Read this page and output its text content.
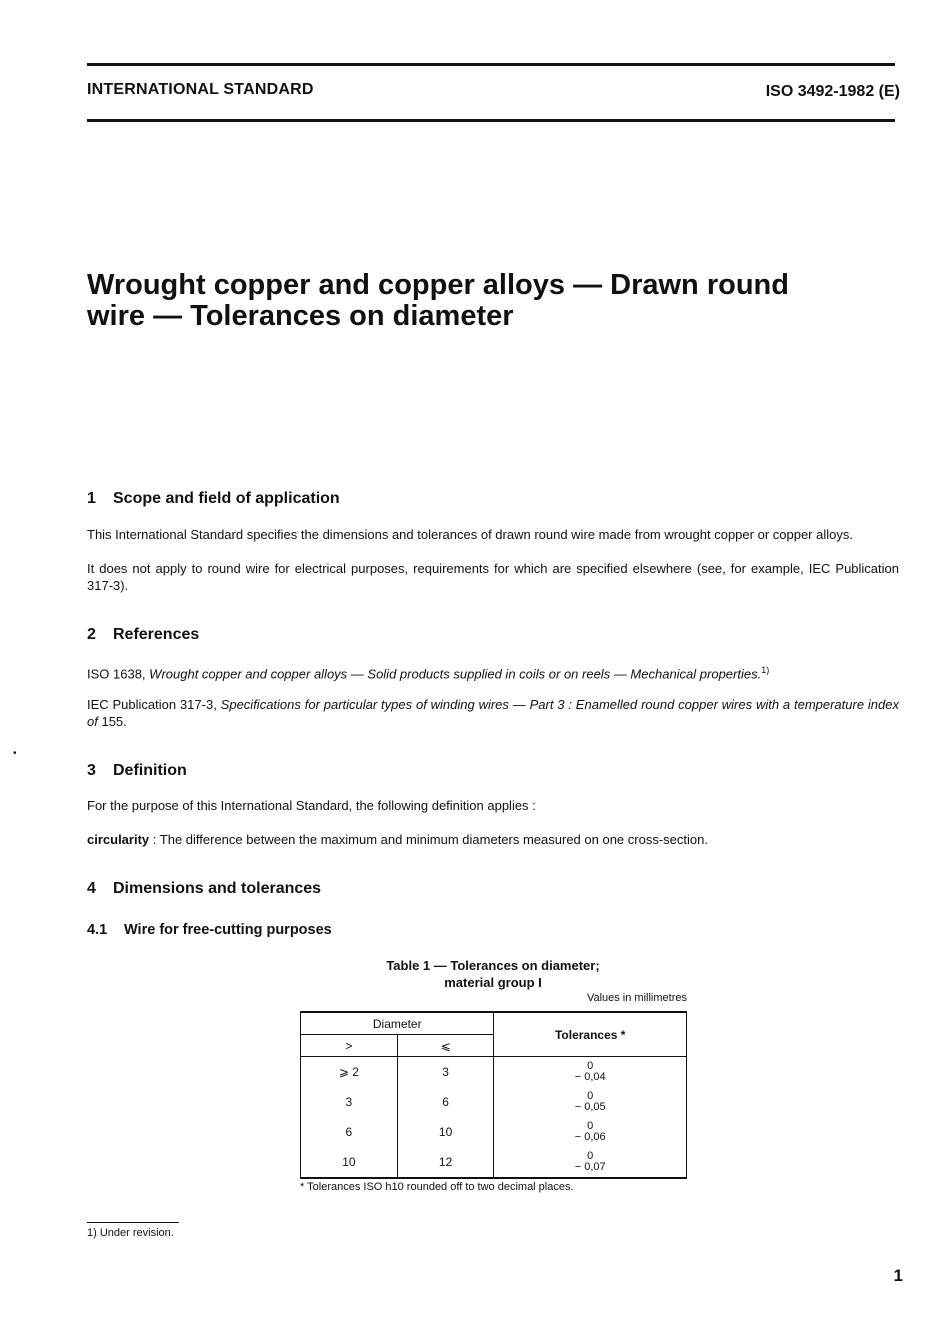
INTERNATIONAL STANDARD	ISO 3492-1982 (E)
Wrought copper and copper alloys — Drawn round
wire — Tolerances on diameter
1 Scope and field of application
This International Standard specifies the dimensions and tolerances of drawn round wire made from wrought copper or copper alloys.
It does not apply to round wire for electrical purposes, requirements for which are specified elsewhere (see, for example, IEC Publication 317-3).
2 References
ISO 1638, Wrought copper and copper alloys — Solid products supplied in coils or on reels — Mechanical properties.$^{1)}$
IEC Publication 317-3, Specifications for particular types of winding wires — Part 3 : Enamelled round copper wires with a temperature index of 155.
•
3 Definition
For the purpose of this International Standard, the following definition applies :
circularity : The difference between the maximum and minimum diameters measured on one cross-section.
4 Dimensions and tolerances
4.1 Wire for free-cutting purposes
Table 1 — Tolerances on diameter;
material group I
Values in millimetres
Diameter		Tolerances *
>	⩽	
⩾ 2	3	0
− 0,04

3	6	0
− 0,05

6	10	0
− 0,06

10	12	0
− 0,07
* Tolerances ISO h10 rounded off to two decimal places.
1) Under revision.
1
